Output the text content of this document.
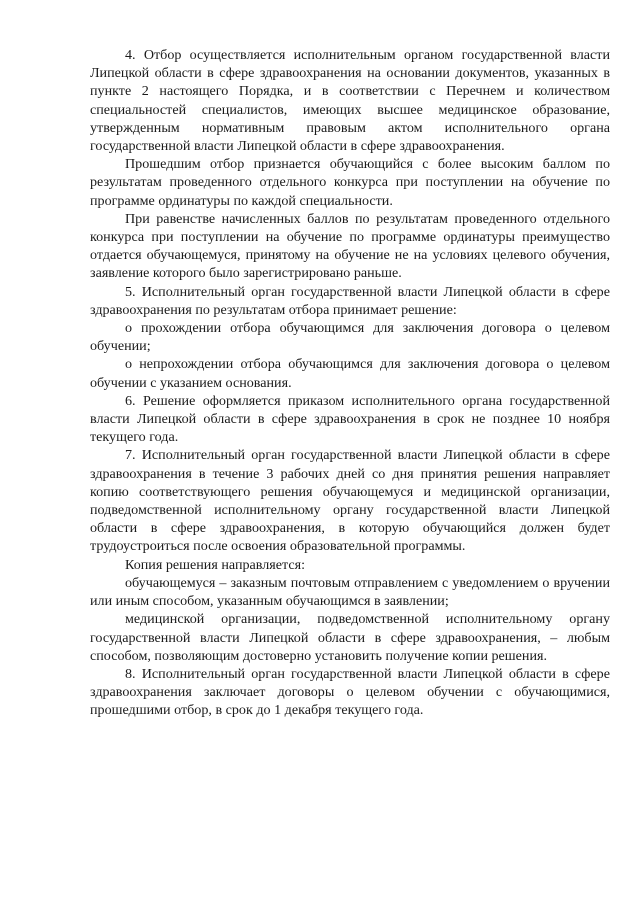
4. Отбор осуществляется исполнительным органом государственной власти Липецкой области в сфере здравоохранения на основании документов, указанных в пункте 2 настоящего Порядка, и в соответствии с Перечнем и количеством специальностей специалистов, имеющих высшее медицинское образование, утвержденным нормативным правовым актом исполнительного органа государственной власти Липецкой области в сфере здравоохранения.

Прошедшим отбор признается обучающийся с более высоким баллом по результатам проведенного отдельного конкурса при поступлении на обучение по программе ординатуры по каждой специальности.

При равенстве начисленных баллов по результатам проведенного отдельного конкурса при поступлении на обучение по программе ординатуры преимущество отдается обучающемуся, принятому на обучение не на условиях целевого обучения, заявление которого было зарегистрировано раньше.

5. Исполнительный орган государственной власти Липецкой области в сфере здравоохранения по результатам отбора принимает решение:

о прохождении отбора обучающимся для заключения договора о целевом обучении;

о непрохождении отбора обучающимся для заключения договора о целевом обучении с указанием основания.

6. Решение оформляется приказом исполнительного органа государственной власти Липецкой области в сфере здравоохранения в срок не позднее 10 ноября текущего года.

7. Исполнительный орган государственной власти Липецкой области в сфере здравоохранения в течение 3 рабочих дней со дня принятия решения направляет копию соответствующего решения обучающемуся и медицинской организации, подведомственной исполнительному органу государственной власти Липецкой области в сфере здравоохранения, в которую обучающийся должен будет трудоустроиться после освоения образовательной программы.

Копия решения направляется:

обучающемуся – заказным почтовым отправлением с уведомлением о вручении или иным способом, указанным обучающимся в заявлении;

медицинской организации, подведомственной исполнительному органу государственной власти Липецкой области в сфере здравоохранения, – любым способом, позволяющим достоверно установить получение копии решения.

8. Исполнительный орган государственной власти Липецкой области в сфере здравоохранения заключает договоры о целевом обучении с обучающимися, прошедшими отбор, в срок до 1 декабря текущего года.
